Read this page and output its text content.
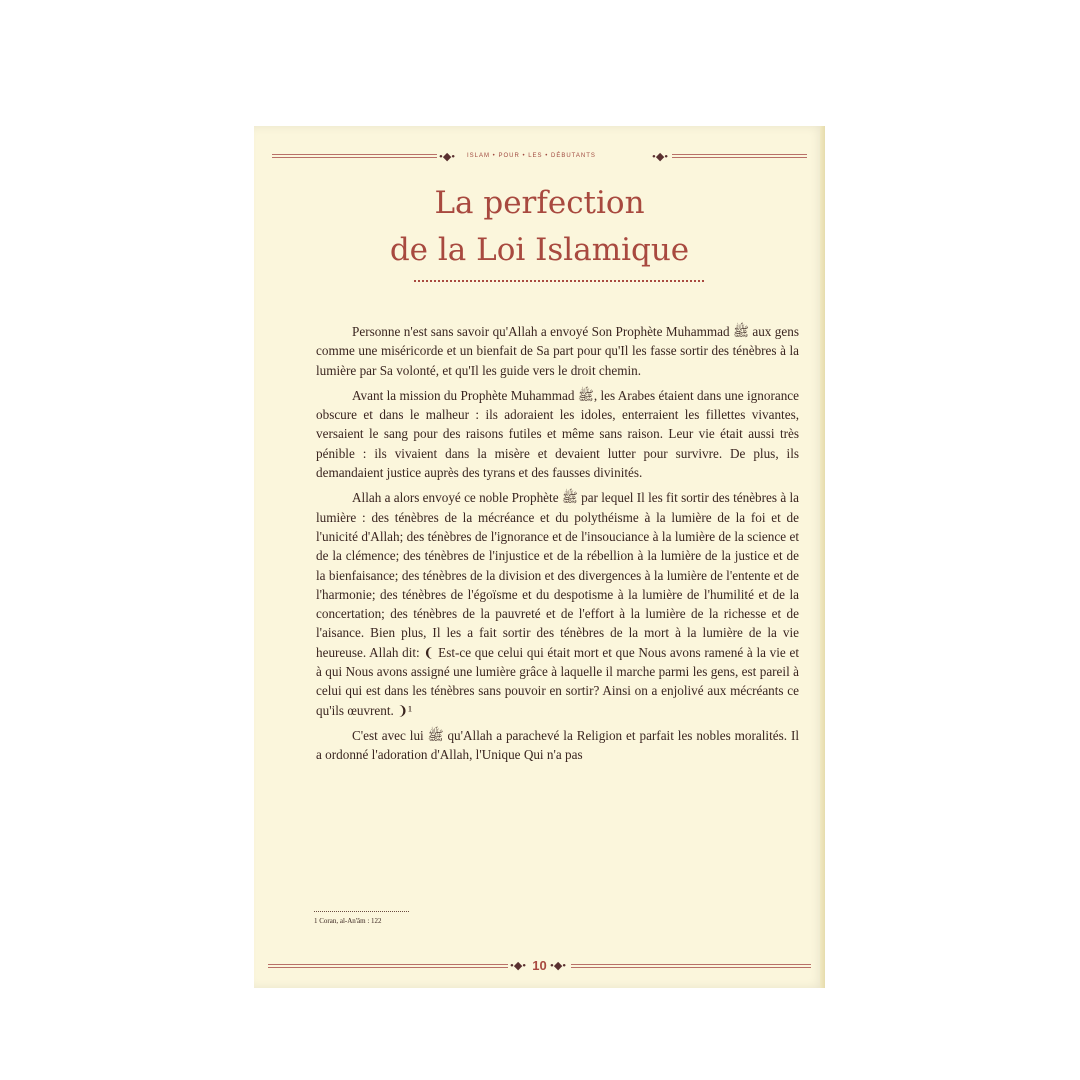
•◆• ISLAM • POUR • LES • DÉBUTANTS	•◆•
La perfection
de la Loi Islamique

Personne n'est sans savoir qu'Allah a envoyé Son Prophète Muhammad ﷺ aux gens comme une miséricorde et un bienfait de Sa part pour qu'Il les fasse sortir des ténèbres à la lumière par Sa volonté, et qu'Il les guide vers le droit chemin.

Avant la mission du Prophète Muhammad ﷺ, les Arabes étaient dans une ignorance obscure et dans le malheur : ils adoraient les idoles, enterraient les fillettes vivantes, versaient le sang pour des raisons futiles et même sans raison. Leur vie était aussi très pénible : ils vivaient dans la misère et devaient lutter pour survivre. De plus, ils demandaient justice auprès des tyrans et des fausses divinités.

Allah a alors envoyé ce noble Prophète ﷺ par lequel Il les fit sortir des ténèbres à la lumière : des ténèbres de la mécréance et du polythéisme à la lumière de la foi et de l'unicité d'Allah; des ténèbres de l'ignorance et de l'insouciance à la lumière de la science et de la clémence; des ténèbres de l'injustice et de la rébellion à la lumière de la justice et de la bienfaisance; des ténèbres de la division et des divergences à la lumière de l'entente et de l'harmonie; des ténèbres de l'égoïsme et du despotisme à la lumière de l'humilité et de la concertation; des ténèbres de la pauvreté et de l'effort à la lumière de la richesse et de l'aisance. Bien plus, Il les a fait sortir des ténèbres de la mort à la lumière de la vie heureuse. Allah dit: ❨ Est-ce que celui qui était mort et que Nous avons ramené à la vie et à qui Nous avons assigné une lumière grâce à laquelle il marche parmi les gens, est pareil à celui qui est dans les ténèbres sans pouvoir en sortir? Ainsi on a enjolivé aux mécréants ce qu'ils œuvrent. ❩¹

C'est avec lui ﷺ qu'Allah a parachevé la Religion et parfait les nobles moralités. Il a ordonné l'adoration d'Allah, l'Unique Qui n'a pas

1 Coran, al-An'âm : 122
•◆• 10 •◆•
